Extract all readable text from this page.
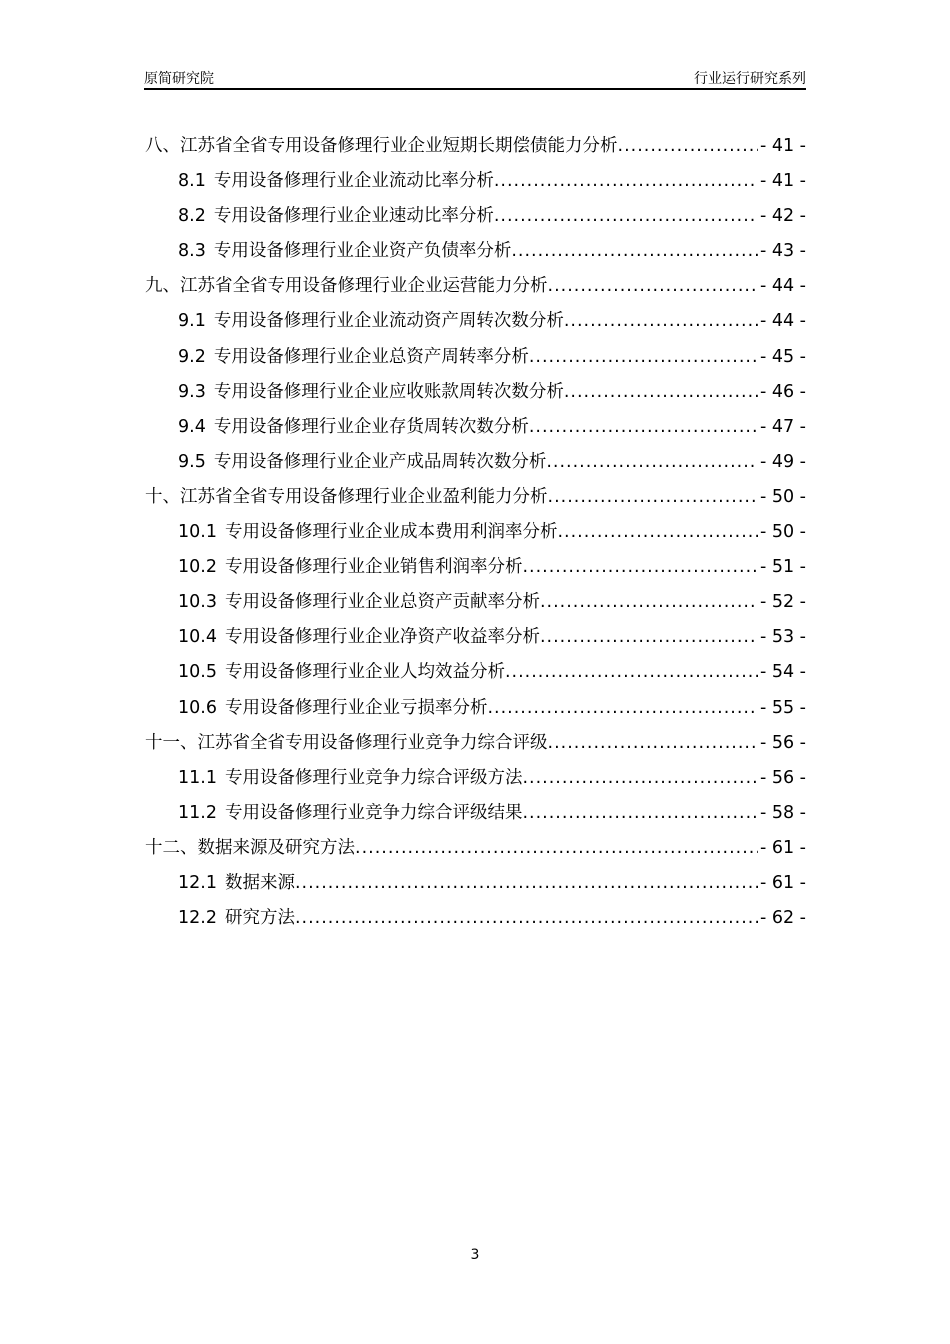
原简研究院	行业运行研究系列
八、江苏省全省专用设备修理行业企业短期长期偿债能力分析 .....	- 41 -
8.1 专用设备修理行业企业流动比率分析 .....	- 41 -
8.2 专用设备修理行业企业速动比率分析 .....	- 42 -
8.3 专用设备修理行业企业资产负债率分析 .....	- 43 -
九、江苏省全省专用设备修理行业企业运营能力分析 .....	- 44 -
9.1 专用设备修理行业企业流动资产周转次数分析 .....	- 44 -
9.2 专用设备修理行业企业总资产周转率分析 .....	- 45 -
9.3 专用设备修理行业企业应收账款周转次数分析 .....	- 46 -
9.4 专用设备修理行业企业存货周转次数分析 .....	- 47 -
9.5 专用设备修理行业企业产成品周转次数分析 .....	- 49 -
十、江苏省全省专用设备修理行业企业盈利能力分析 .....	- 50 -
10.1 专用设备修理行业企业成本费用利润率分析 .....	- 50 -
10.2 专用设备修理行业企业销售利润率分析 .....	- 51 -
10.3 专用设备修理行业企业总资产贡献率分析 .....	- 52 -
10.4 专用设备修理行业企业净资产收益率分析 .....	- 53 -
10.5 专用设备修理行业企业人均效益分析 .....	- 54 -
10.6 专用设备修理行业企业亏损率分析 .....	- 55 -
十一、江苏省全省专用设备修理行业竞争力综合评级 .....	- 56 -
11.1 专用设备修理行业竞争力综合评级方法 .....	- 56 -
11.2 专用设备修理行业竞争力综合评级结果 .....	- 58 -
十二、数据来源及研究方法 .....	- 61 -
12.1 数据来源 .....	- 61 -
12.2 研究方法 .....	- 62 -
3
